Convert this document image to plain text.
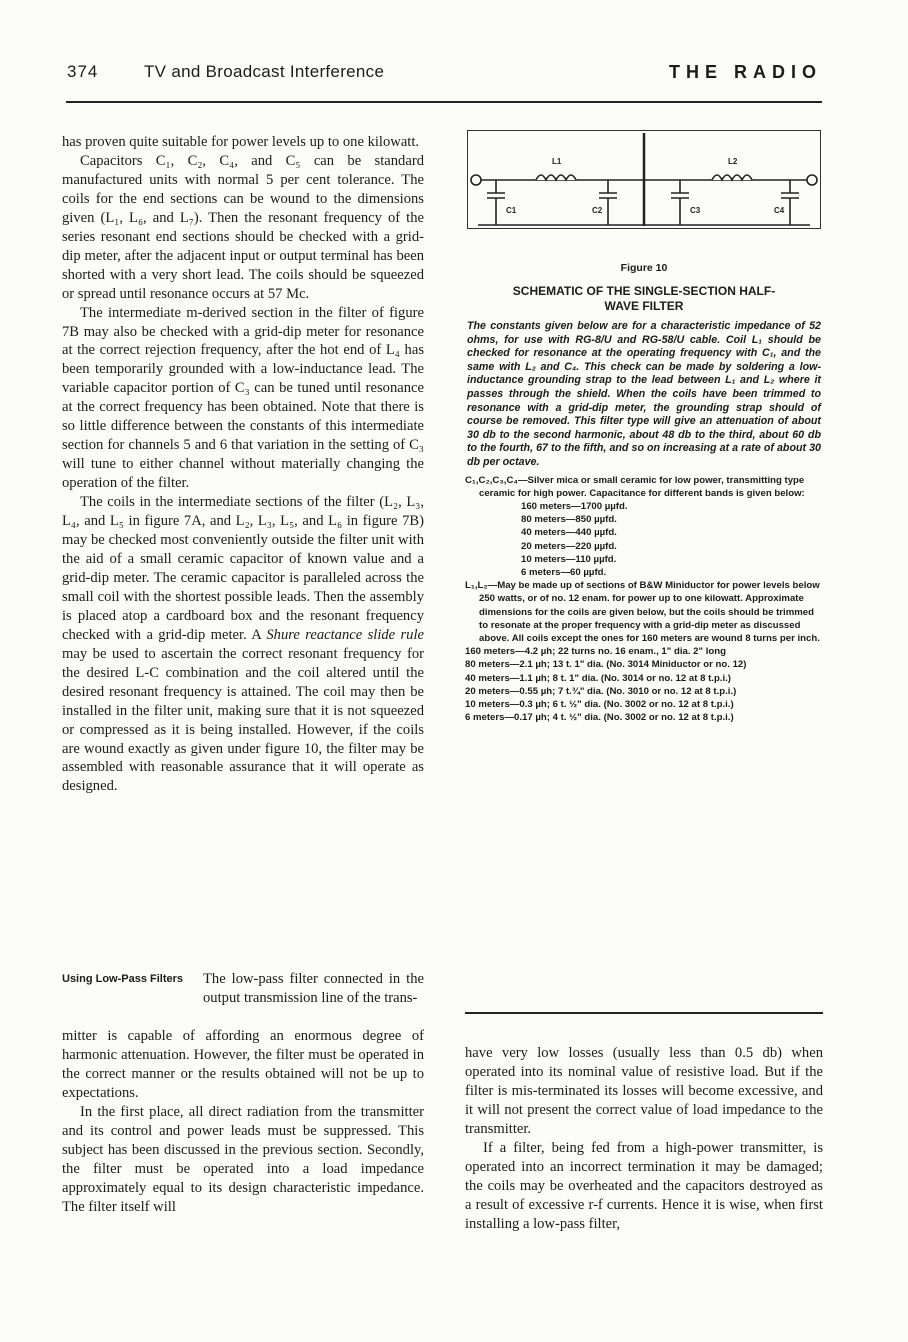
374	TV and Broadcast Interference	THE RADIO

has proven quite suitable for power levels up to one kilowatt.

Capacitors C₁, C₂, C₄, and C₅ can be standard manufactured units with normal 5 per cent tolerance. The coils for the end sections can be wound to the dimensions given (L₁, L₆, and L₇). Then the resonant frequency of the series resonant end sections should be checked with a grid-dip meter, after the adjacent input or output terminal has been shorted with a very short lead. The coils should be squeezed or spread until resonance occurs at 57 Mc.

The intermediate m-derived section in the filter of figure 7B may also be checked with a grid-dip meter for resonance at the correct rejection frequency, after the hot end of L₄ has been temporarily grounded with a low-inductance lead. The variable capacitor portion of C₃ can be tuned until resonance at the correct frequency has been obtained. Note that there is so little difference between the constants of this intermediate section for channels 5 and 6 that variation in the setting of C₃ will tune to either channel without materially changing the operation of the filter.

The coils in the intermediate sections of the filter (L₂, L₃, L₄, and L₅ in figure 7A, and L₂, L₃, L₅, and L₆ in figure 7B) may be checked most conveniently outside the filter unit with the aid of a small ceramic capacitor of known value and a grid-dip meter. The ceramic capacitor is paralleled across the small coil with the shortest possible leads. Then the assembly is placed atop a cardboard box and the resonant frequency checked with a grid-dip meter. A Shure reactance slide rule may be used to ascertain the correct resonant frequency for the desired L-C combination and the coil altered until the desired resonant frequency is attained. The coil may then be installed in the filter unit, making sure that it is not squeezed or compressed as it is being installed. However, if the coils are wound exactly as given under figure 10, the filter may be assembled with reasonable assurance that it will operate as designed.

Using Low-Pass Filters	The low-pass filter connected in the output transmission line of the trans-

mitter is capable of affording an enormous degree of harmonic attenuation. However, the filter must be operated in the correct manner or the results obtained will not be up to expectations.

In the first place, all direct radiation from the transmitter and its control and power leads must be suppressed. This subject has been discussed in the previous section. Secondly, the filter must be operated into a load impedance approximately equal to its design characteristic impedance. The filter itself will

L1	L2
C1	C2	C3	C4
Figure 10
SCHEMATIC OF THE SINGLE-SECTION HALF-WAVE FILTER
The constants given below are for a characteristic impedance of 52 ohms, for use with RG-8/U and RG-58/U cable. Coil L₁ should be checked for resonance at the operating frequency with C₁, and the same with L₂ and C₄. This check can be made by soldering a low-inductance grounding strap to the lead between L₁ and L₂ where it passes through the shield. When the coils have been trimmed to resonance with a grid-dip meter, the grounding strap should of course be removed. This filter type will give an attenuation of about 30 db to the second harmonic, about 48 db to the third, about 60 db to the fourth, 67 to the fifth, and so on increasing at a rate of about 30 db per octave.
C₁,C₂,C₃,C₄—Silver mica or small ceramic for low power, transmitting type ceramic for high power. Capacitance for different bands is given below:
160 meters—1700 µµfd.
80 meters—850 µµfd.
40 meters—440 µµfd.
20 meters—220 µµfd.
10 meters—110 µµfd.
6 meters—60 µµfd.
L₁,L₂—May be made up of sections of B&W Miniductor for power levels below 250 watts, or of no. 12 enam. for power up to one kilowatt. Approximate dimensions for the coils are given below, but the coils should be trimmed to resonate at the proper frequency with a grid-dip meter as discussed above. All coils except the ones for 160 meters are wound 8 turns per inch.
160 meters—4.2 µh; 22 turns no. 16 enam., 1" dia. 2" long
80 meters—2.1 µh; 13 t. 1" dia. (No. 3014 Miniductor or no. 12)
40 meters—1.1 µh; 8 t. 1" dia. (No. 3014 or no. 12 at 8 t.p.i.)
20 meters—0.55 µh; 7 t.¾" dia. (No. 3010 or no. 12 at 8 t.p.i.)
10 meters—0.3 µh; 6 t. ½" dia. (No. 3002 or no. 12 at 8 t.p.i.)
6 meters—0.17 µh; 4 t. ½" dia. (No. 3002 or no. 12 at 8 t.p.i.)

have very low losses (usually less than 0.5 db) when operated into its nominal value of resistive load. But if the filter is mis-terminated its losses will become excessive, and it will not present the correct value of load impedance to the transmitter.

If a filter, being fed from a high-power transmitter, is operated into an incorrect termination it may be damaged; the coils may be overheated and the capacitors destroyed as a result of excessive r-f currents. Hence it is wise, when first installing a low-pass filter,
